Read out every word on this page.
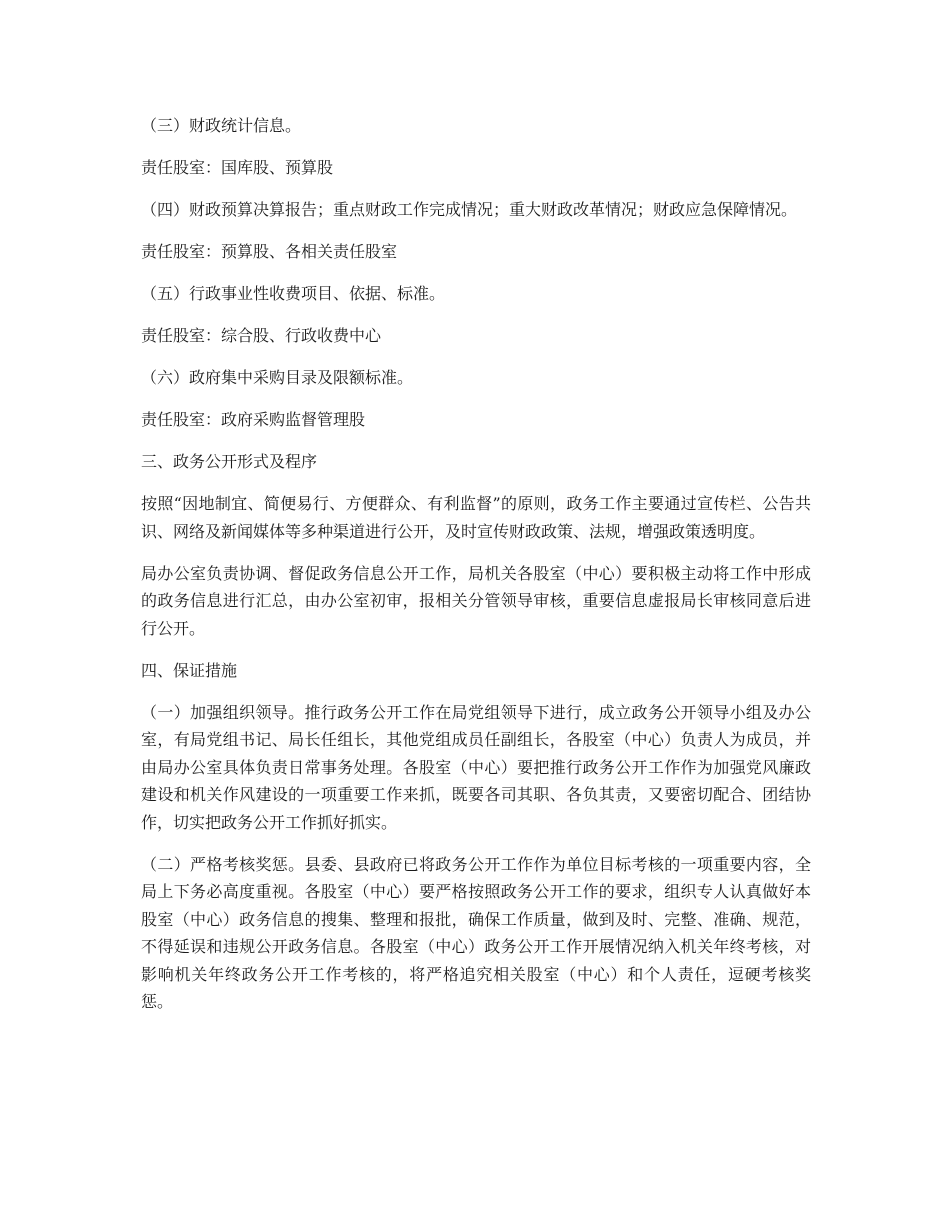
（三）财政统计信息。

责任股室：国库股、预算股

（四）财政预算决算报告；重点财政工作完成情况；重大财政改革情况；财政应急保障情况。

责任股室：预算股、各相关责任股室

（五）行政事业性收费项目、依据、标准。

责任股室：综合股、行政收费中心

（六）政府集中采购目录及限额标准。

责任股室：政府采购监督管理股

三、政务公开形式及程序

按照“因地制宜、简便易行、方便群众、有利监督”的原则，政务工作主要通过宣传栏、公告共识、网络及新闻媒体等多种渠道进行公开，及时宣传财政政策、法规，增强政策透明度。

局办公室负责协调、督促政务信息公开工作，局机关各股室（中心）要积极主动将工作中形成的政务信息进行汇总，由办公室初审，报相关分管领导审核，重要信息虚报局长审核同意后进行公开。

四、保证措施

（一）加强组织领导。推行政务公开工作在局党组领导下进行，成立政务公开领导小组及办公室，有局党组书记、局长任组长，其他党组成员任副组长，各股室（中心）负责人为成员，并由局办公室具体负责日常事务处理。各股室（中心）要把推行政务公开工作作为加强党风廉政建设和机关作风建设的一项重要工作来抓，既要各司其职、各负其责，又要密切配合、团结协作，切实把政务公开工作抓好抓实。

（二）严格考核奖惩。县委、县政府已将政务公开工作作为单位目标考核的一项重要内容，全局上下务必高度重视。各股室（中心）要严格按照政务公开工作的要求，组织专人认真做好本股室（中心）政务信息的搜集、整理和报批，确保工作质量，做到及时、完整、准确、规范，不得延误和违规公开政务信息。各股室（中心）政务公开工作开展情况纳入机关年终考核，对影响机关年终政务公开工作考核的，将严格追究相关股室（中心）和个人责任，逗硬考核奖惩。
